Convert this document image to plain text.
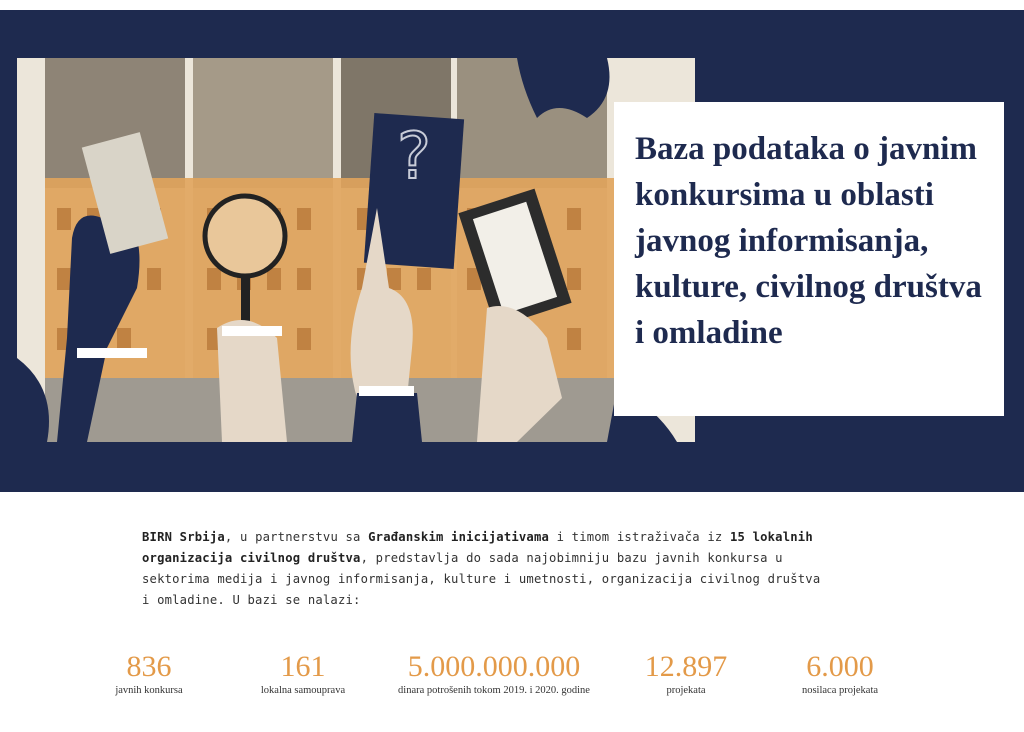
?	Baza podataka o javnim konkursima u oblasti javnog informisanja, kulture, civilnog društva i omladine

BIRN Srbija, u partnerstvu sa Građanskim inicijativama i timom istraživača iz 15 lokalnih organizacija civilnog društva, predstavlja do sada najobimniju bazu javnih konkursa u sektorima medija i javnog informisanja, kulture i umetnosti, organizacija civilnog društva i omladine. U bazi se nalazi:

836
javnih konkursa
161
lokalna samouprava
5.000.000.000
dinara potrošenih tokom 2019. i 2020. godine
12.897
projekata
6.000
nosilaca projekata
